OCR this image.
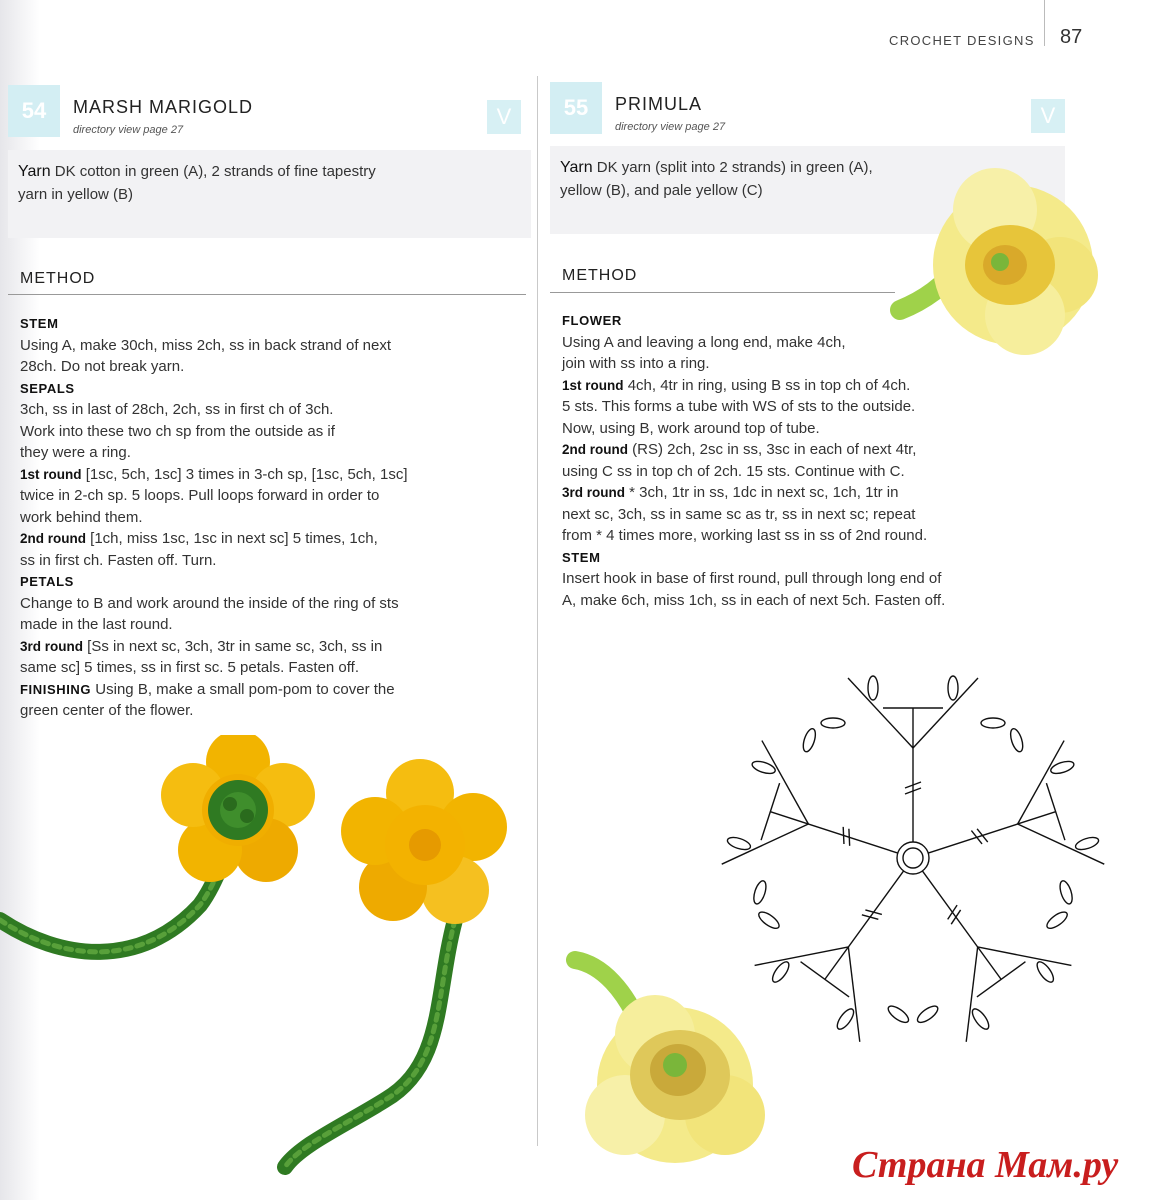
CROCHET DESIGNS 87
54	MARSH MARIGOLD
directory view page 27
V
Yarn DK cotton in green (A), 2 strands of fine tapestry
yarn in yellow (B)
METHOD
STEM
Using A, make 30ch, miss 2ch, ss in back strand of next
28ch. Do not break yarn.
SEPALS
3ch, ss in last of 28ch, 2ch, ss in first ch of 3ch.
Work into these two ch sp from the outside as if
they were a ring.
1st round [1sc, 5ch, 1sc] 3 times in 3-ch sp, [1sc, 5ch, 1sc]
twice in 2-ch sp. 5 loops. Pull loops forward in order to
work behind them.
2nd round [1ch, miss 1sc, 1sc in next sc] 5 times, 1ch,
ss in first ch. Fasten off. Turn.
PETALS
Change to B and work around the inside of the ring of sts
made in the last round.
3rd round [Ss in next sc, 3ch, 3tr in same sc, 3ch, ss in
same sc] 5 times, ss in first sc. 5 petals. Fasten off.
FINISHING Using B, make a small pom-pom to cover the
green center of the flower.
55	PRIMULA
directory view page 27	V
Yarn DK yarn (split into 2 strands) in green (A),
yellow (B), and pale yellow (C)
METHOD
FLOWER
Using A and leaving a long end, make 4ch,
join with ss into a ring.
1st round 4ch, 4tr in ring, using B ss in top ch of 4ch.
5 sts. This forms a tube with WS of sts to the outside.
Now, using B, work around top of tube.
2nd round (RS) 2ch, 2sc in ss, 3sc in each of next 4tr,
using C ss in top ch of 2ch. 15 sts. Continue with C.
3rd round * 3ch, 1tr in ss, 1dc in next sc, 1ch, 1tr in
next sc, 3ch, ss in same sc as tr, ss in next sc; repeat
from * 4 times more, working last ss in ss of 2nd round.
STEM
Insert hook in base of first round, pull through long end of
A, make 6ch, miss 1ch, ss in each of next 5ch. Fasten off.
Страна Мам.ру
